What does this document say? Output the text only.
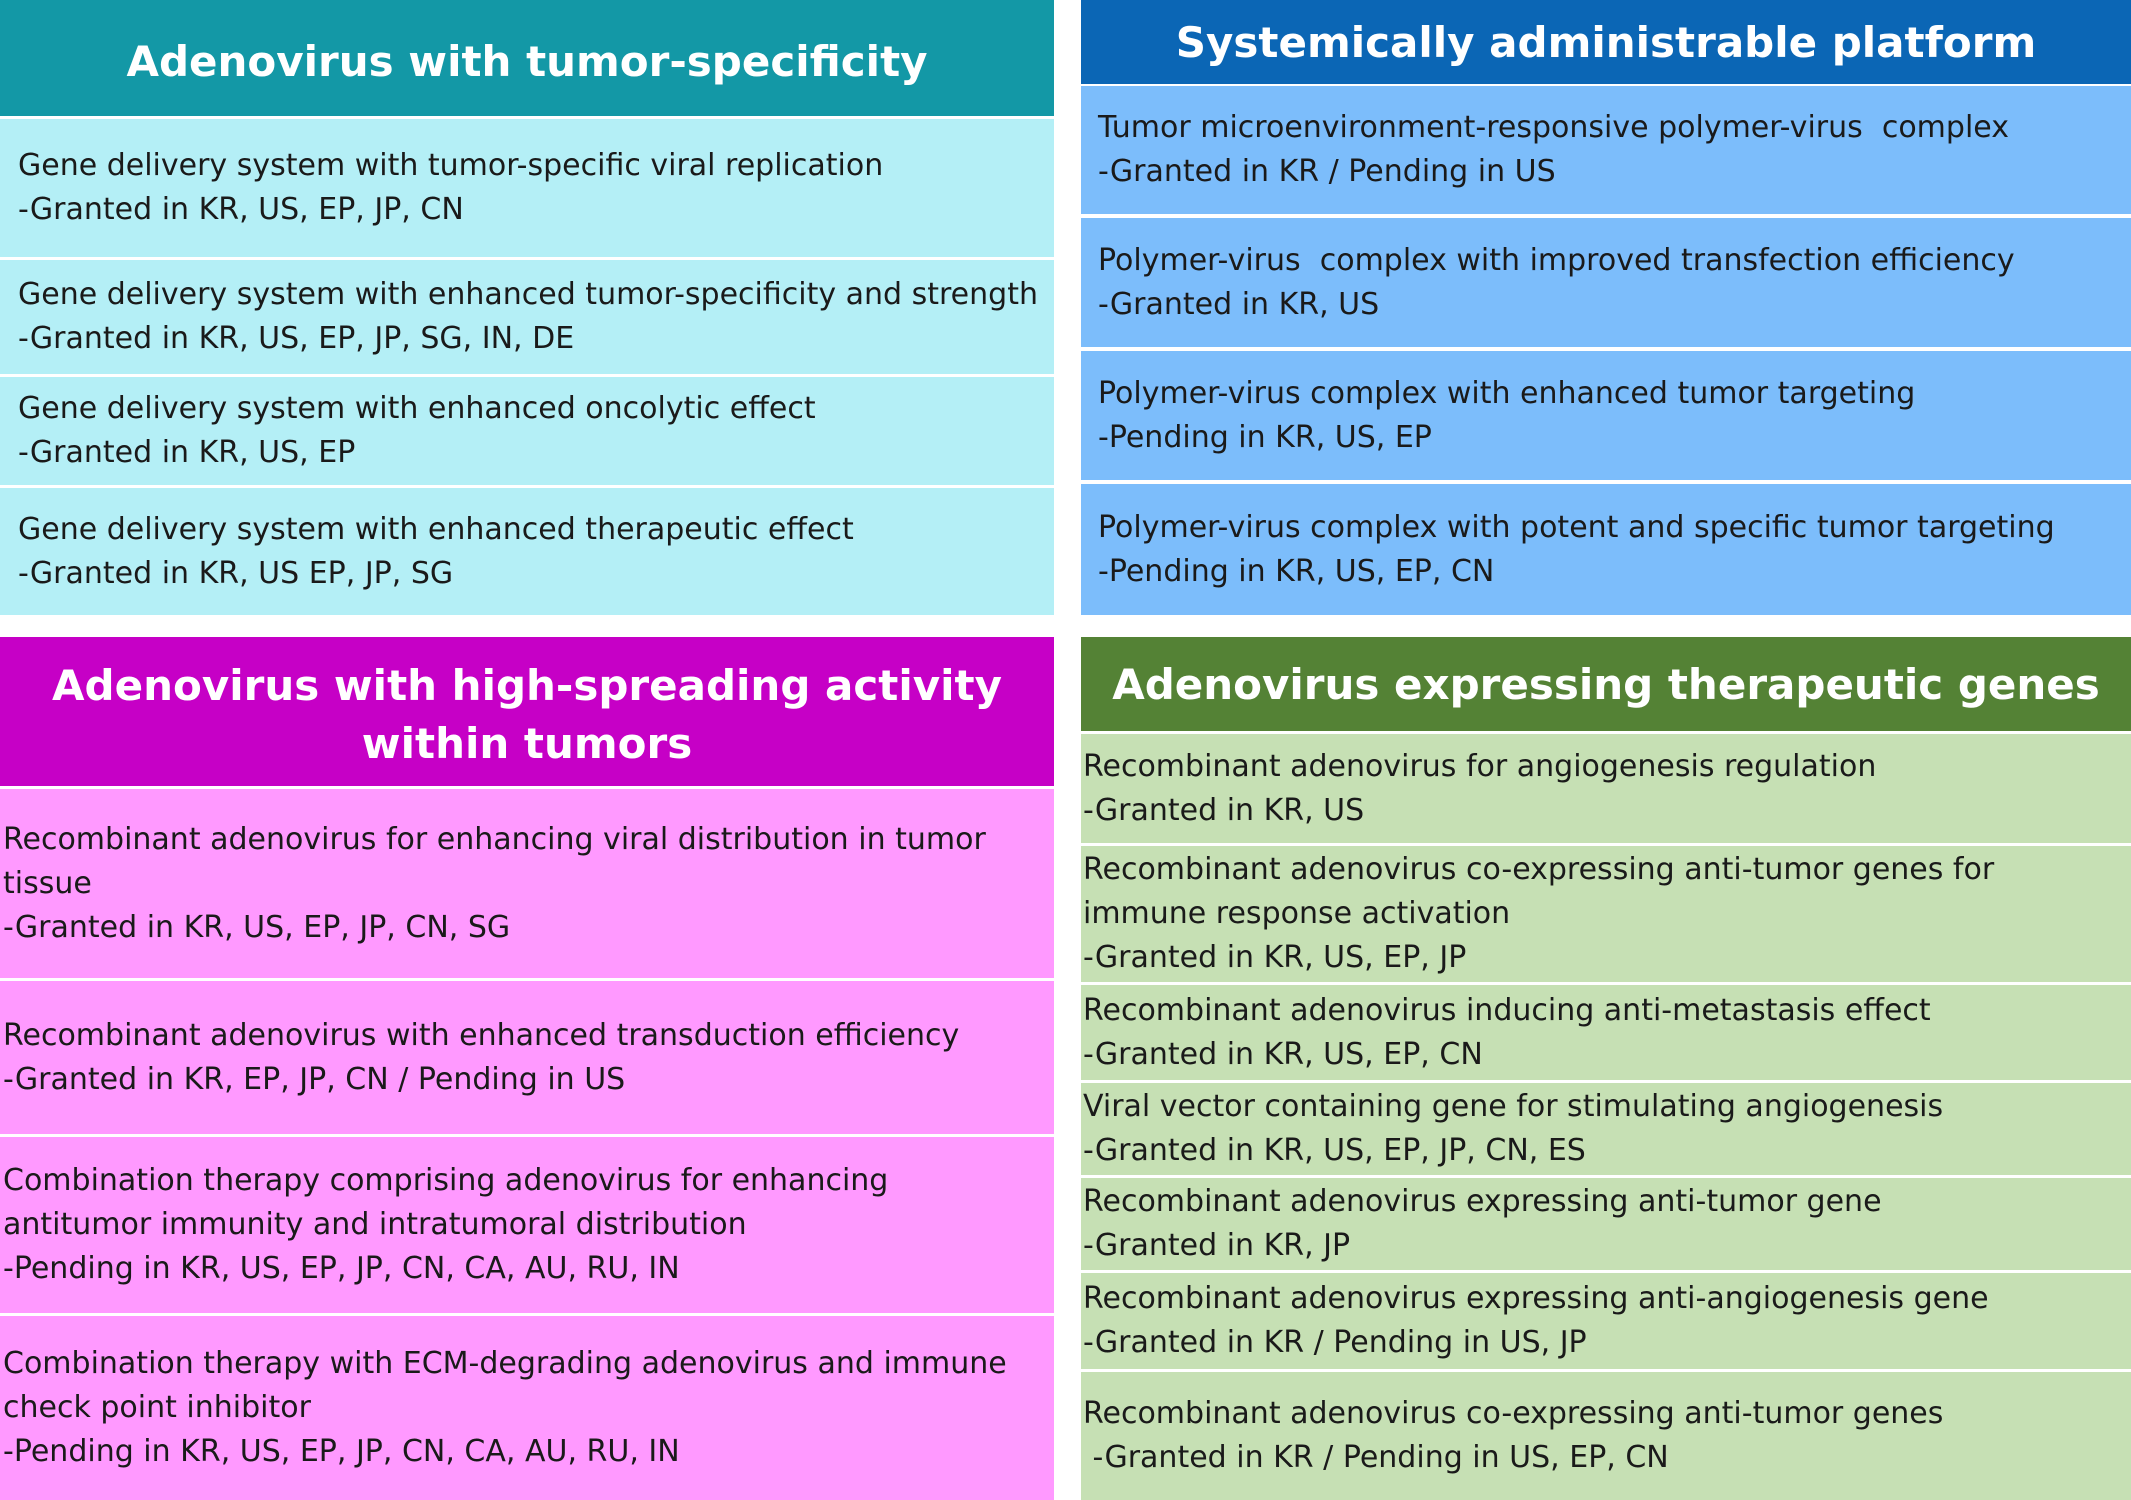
Adenovirus with tumor-specificity
Gene delivery system with tumor-specific viral replication
-Granted in KR, US, EP, JP, CN
Gene delivery system with enhanced tumor-specificity and strength
-Granted in KR, US, EP, JP, SG, IN, DE
Gene delivery system with enhanced oncolytic effect
-Granted in KR, US, EP
Gene delivery system with enhanced therapeutic effect
-Granted in KR, US EP, JP, SG
Systemically administrable platform
Tumor microenvironment-responsive polymer-virus  complex
-Granted in KR / Pending in US
Polymer-virus  complex with improved transfection efficiency
-Granted in KR, US
Polymer-virus complex with enhanced tumor targeting
-Pending in KR, US, EP
Polymer-virus complex with potent and specific tumor targeting
-Pending in KR, US, EP, CN
Adenovirus with high-spreading activity within tumors
Recombinant adenovirus for enhancing viral distribution in tumor tissue
-Granted in KR, US, EP, JP, CN, SG
Recombinant adenovirus with enhanced transduction efficiency
-Granted in KR, EP, JP, CN / Pending in US
Combination therapy comprising adenovirus for enhancing antitumor immunity and intratumoral distribution
-Pending in KR, US, EP, JP, CN, CA, AU, RU, IN
Combination therapy with ECM-degrading adenovirus and immune check point inhibitor
-Pending in KR, US, EP, JP, CN, CA, AU, RU, IN
Adenovirus expressing therapeutic genes
Recombinant adenovirus for angiogenesis regulation
-Granted in KR, US
Recombinant adenovirus co-expressing anti-tumor genes for immune response activation
-Granted in KR, US, EP, JP
Recombinant adenovirus inducing anti-metastasis effect
-Granted in KR, US, EP, CN
Viral vector containing gene for stimulating angiogenesis
-Granted in KR, US, EP, JP, CN, ES
Recombinant adenovirus expressing anti-tumor gene
-Granted in KR, JP
Recombinant adenovirus expressing anti-angiogenesis gene
-Granted in KR / Pending in US, JP
Recombinant adenovirus co-expressing anti-tumor genes
-Granted in KR / Pending in US, EP, CN
